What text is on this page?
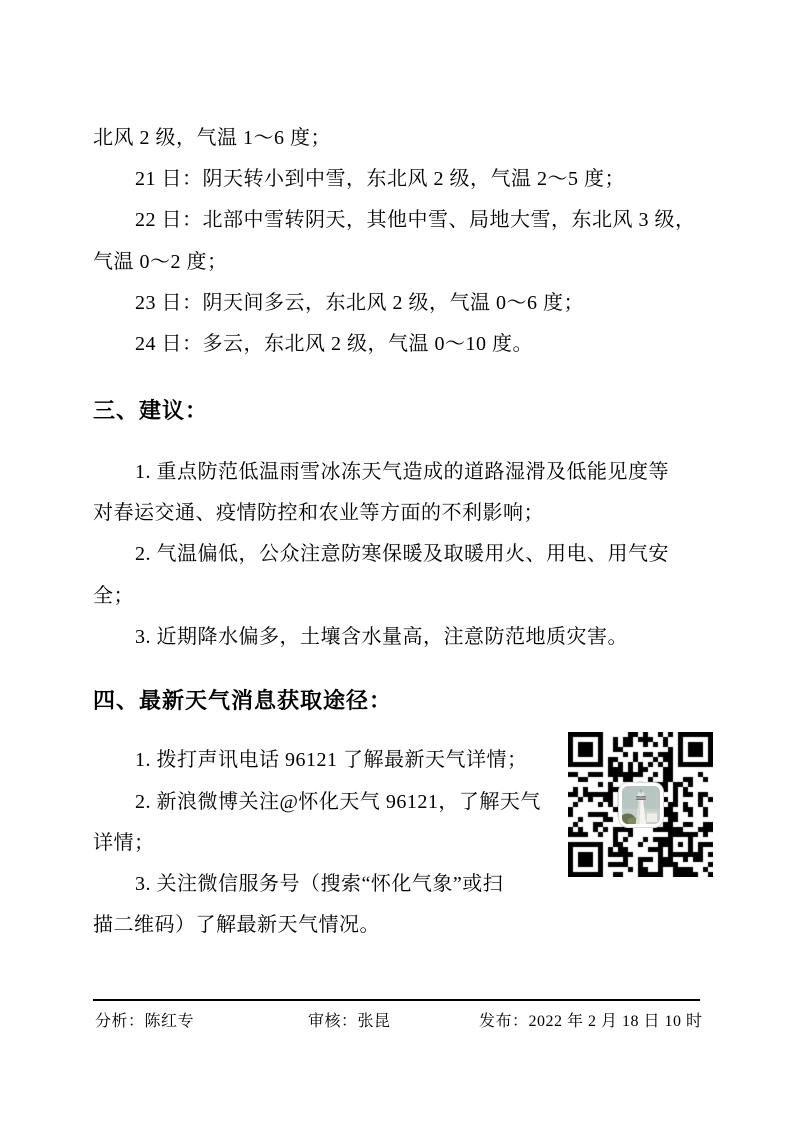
北风 2 级，气温 1～6 度；

21 日：阴天转小到中雪，东北风 2 级，气温 2～5 度；

22 日：北部中雪转阴天，其他中雪、局地大雪，东北风 3 级，

气温 0～2 度；

23 日：阴天间多云，东北风 2 级，气温 0～6 度；

24 日：多云，东北风 2 级，气温 0～10 度。

三、建议：

1. 重点防范低温雨雪冰冻天气造成的道路湿滑及低能见度等

对春运交通、疫情防控和农业等方面的不利影响；

2. 气温偏低，公众注意防寒保暖及取暖用火、用电、用气安

全；

3. 近期降水偏多，土壤含水量高，注意防范地质灾害。

四、最新天气消息获取途径：

1. 拨打声讯电话 96121 了解最新天气详情；

2. 新浪微博关注@怀化天气 96121，了解天气

详情；

3. 关注微信服务号（搜索“怀化气象”或扫

描二维码）了解最新天气情况。

分析：陈红专	审核：张昆	发布：2022 年 2 月 18 日 10 时
